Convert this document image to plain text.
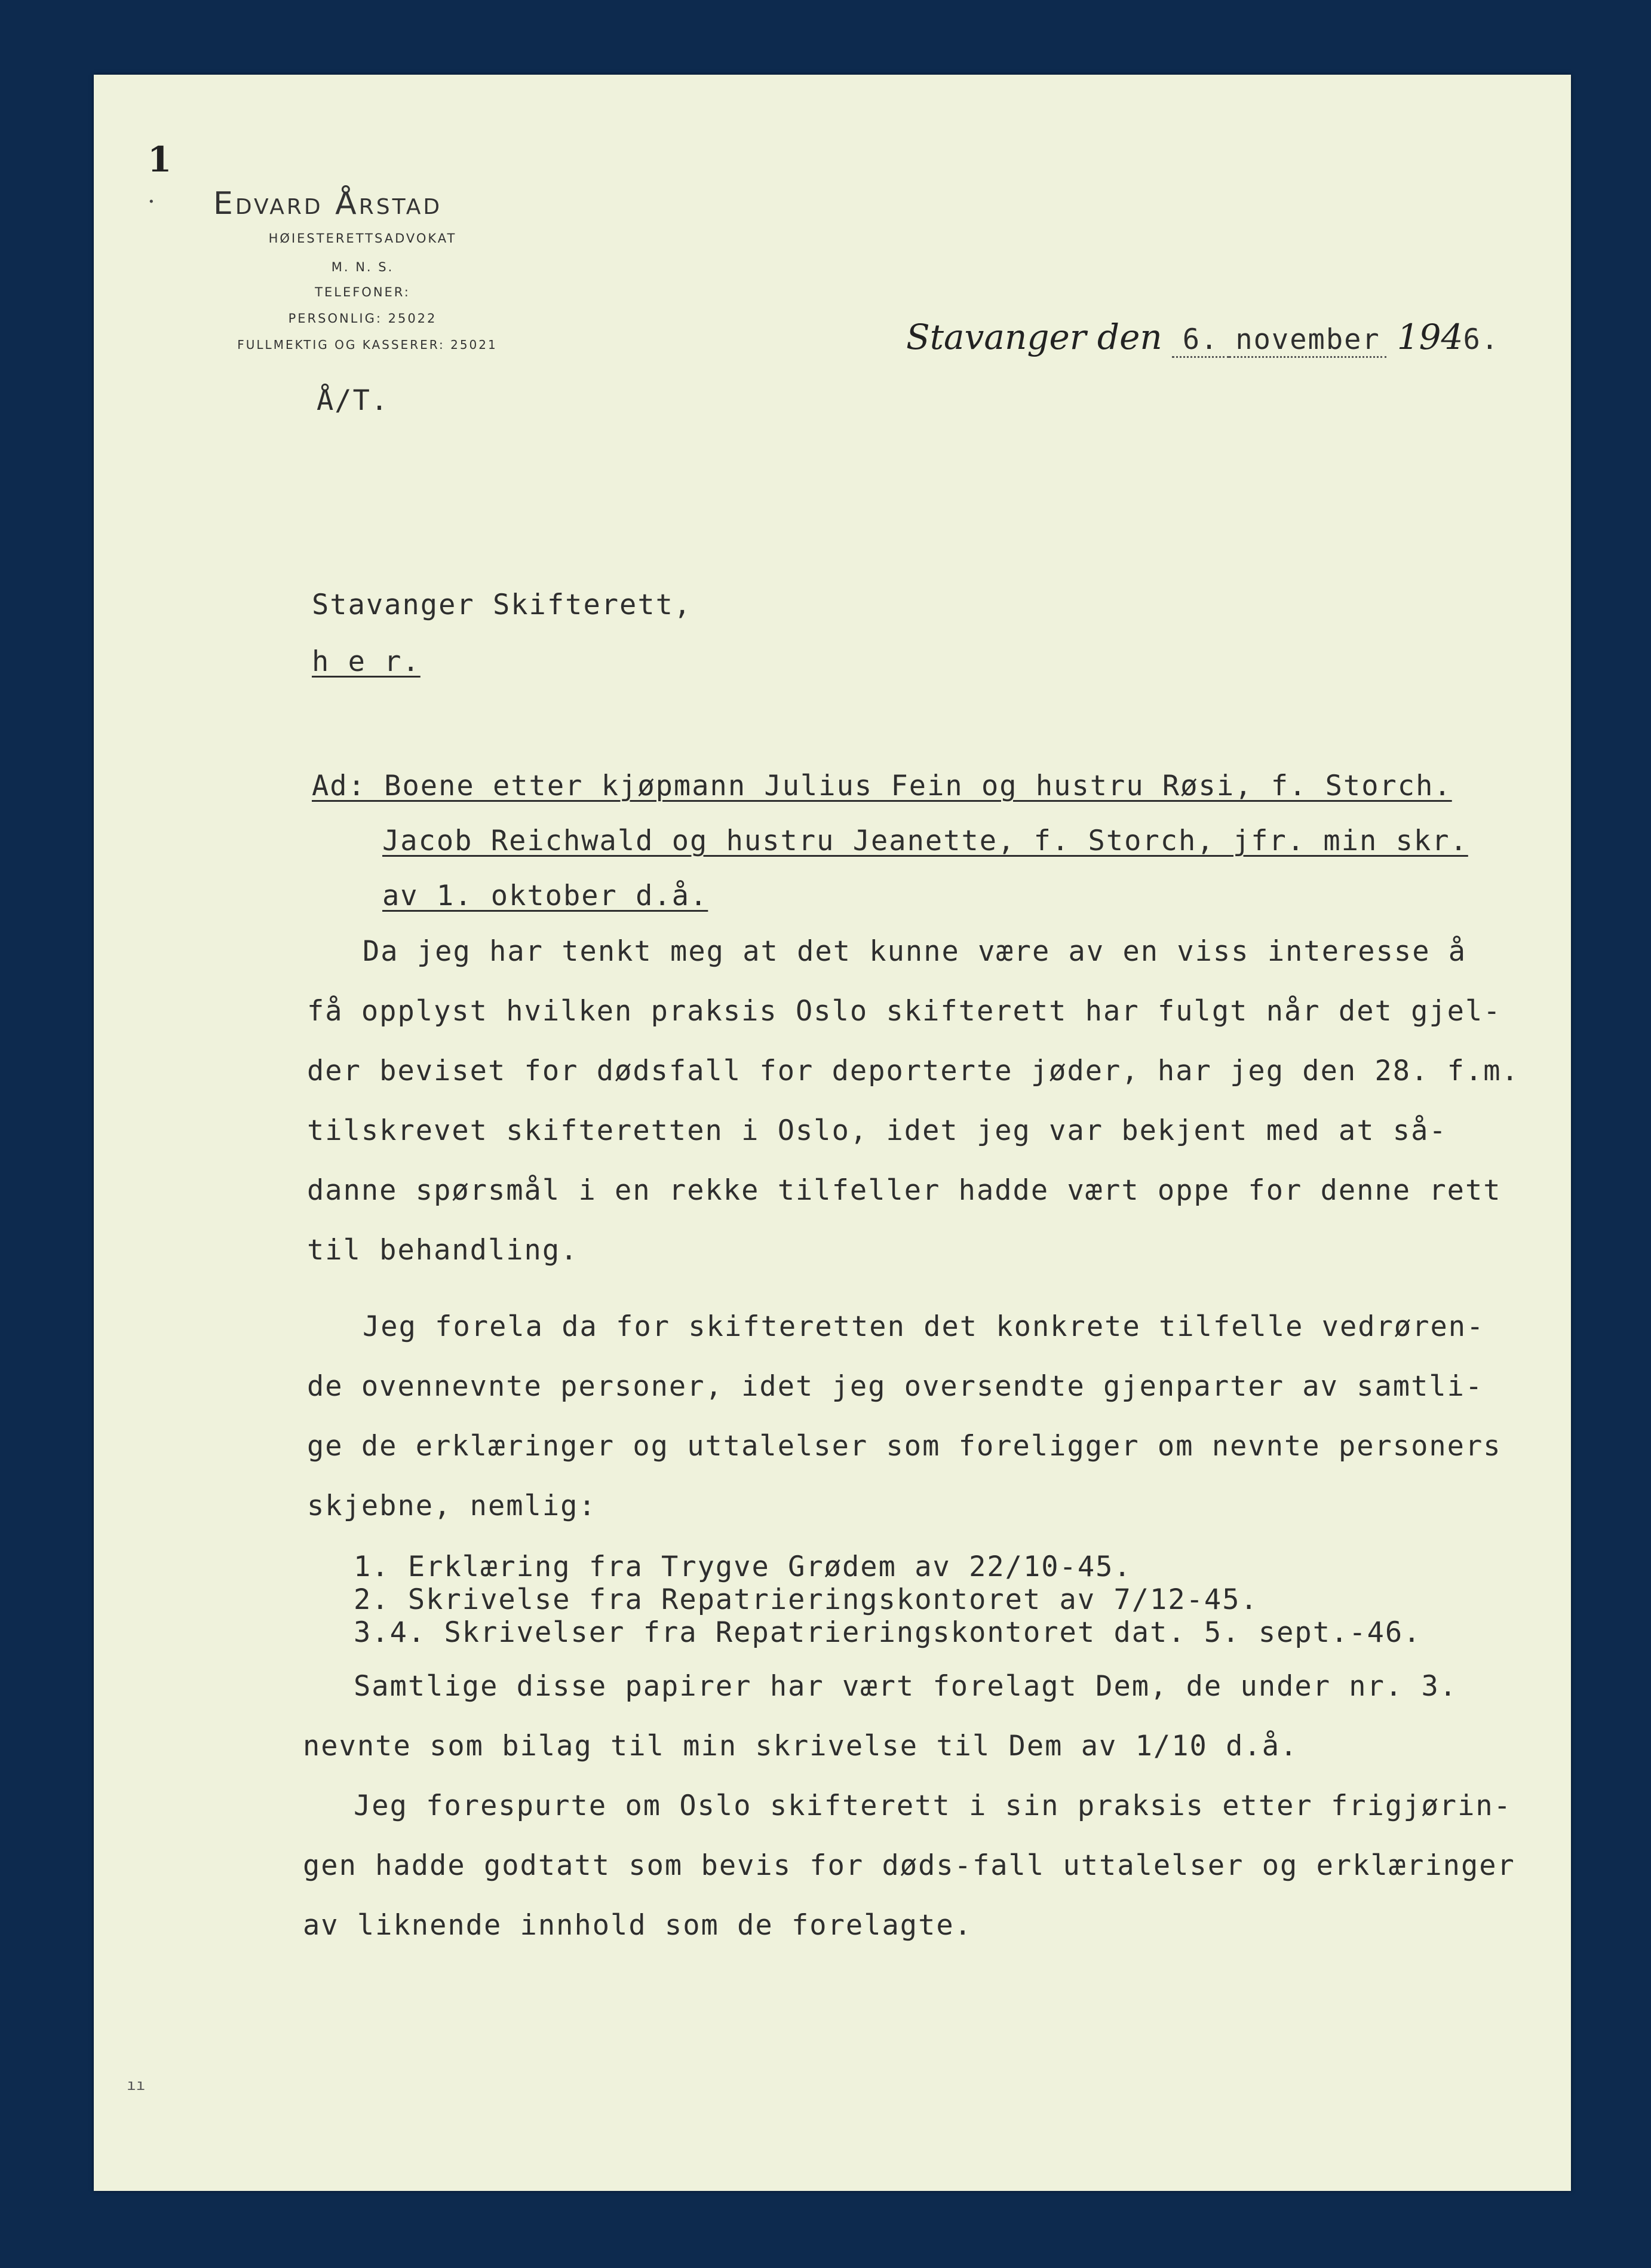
1
· Edvard Årstad
HØIESTERETTSADVOKAT
M. N. S.
TELEFONER:
PERSONLIG: 25022
FULLMEKTIG OG KASSERER: 25021	Stavanger den 6. november 194 6.
Å/T.
Stavanger Skifterett,
h e r.
Ad: Boene etter kjøpmann Julius Fein og hustru Røsi, f. Storch.
Jacob Reichwald og hustru Jeanette, f. Storch, jfr. min skr.
av 1. oktober d.å.
Da jeg har tenkt meg at det kunne være av en viss interesse å
få opplyst hvilken praksis Oslo skifterett har fulgt når det gjel-
der beviset for dødsfall for deporterte jøder, har jeg den 28. f.m.
tilskrevet skifteretten i Oslo, idet jeg var bekjent med at så-
danne spørsmål i en rekke tilfeller hadde vært oppe for denne rett
til behandling.
Jeg forela da for skifteretten det konkrete tilfelle vedrøren-
de ovennevnte personer, idet jeg oversendte gjenparter av samtli-
ge de erklæringer og uttalelser som foreligger om nevnte personers
skjebne, nemlig:
1. Erklæring fra Trygve Grødem av 22/10-45.
2. Skrivelse fra Repatrieringskontoret av 7/12-45.
3.4. Skrivelser fra Repatrieringskontoret dat. 5. sept.-46.
Samtlige disse papirer har vært forelagt Dem, de under nr. 3.
nevnte som bilag til min skrivelse til Dem av 1/10 d.å.
Jeg forespurte om Oslo skifterett i sin praksis etter frigjørin-
gen hadde godtatt som bevis for døds-fall uttalelser og erklæringer
av liknende innhold som de forelagte.
ıı
